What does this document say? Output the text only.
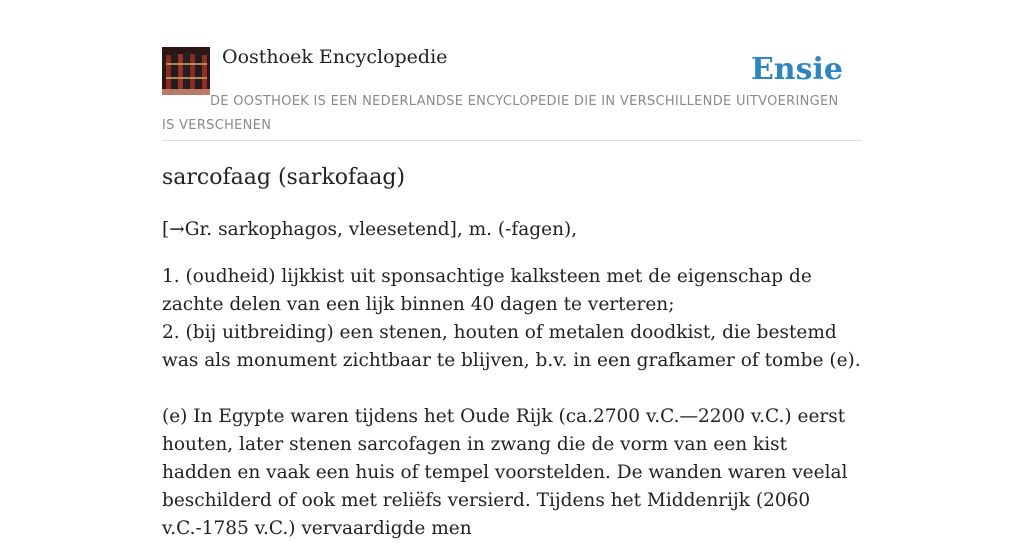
Oosthoek Encyclopedie	Ensie
DE OOSTHOEK IS EEN NEDERLANDSE ENCYCLOPEDIE DIE IN VERSCHILLENDE UITVOERINGEN IS VERSCHENEN
sarcofaag (sarkofaag)
[→Gr. sarkophagos, vleesetend], m. (-fagen),

1. (oudheid) lijkkist uit sponsachtige kalksteen met de eigenschap de zachte delen van een lijk binnen 40 dagen te verteren;

2. (bij uitbreiding) een stenen, houten of metalen doodkist, die bestemd was als monument zichtbaar te blijven, b.v. in een grafkamer of tombe (e).

(e) In Egypte waren tijdens het Oude Rijk (ca.2700 v.C.—2200 v.C.) eerst houten, later stenen sarcofagen in zwang die de vorm van een kist hadden en vaak een huis of tempel voorstelden. De wanden waren veelal beschilderd of ook met reliëfs versierd. Tijdens het Middenrijk (2060 v.C.-1785 v.C.) vervaardigde men
